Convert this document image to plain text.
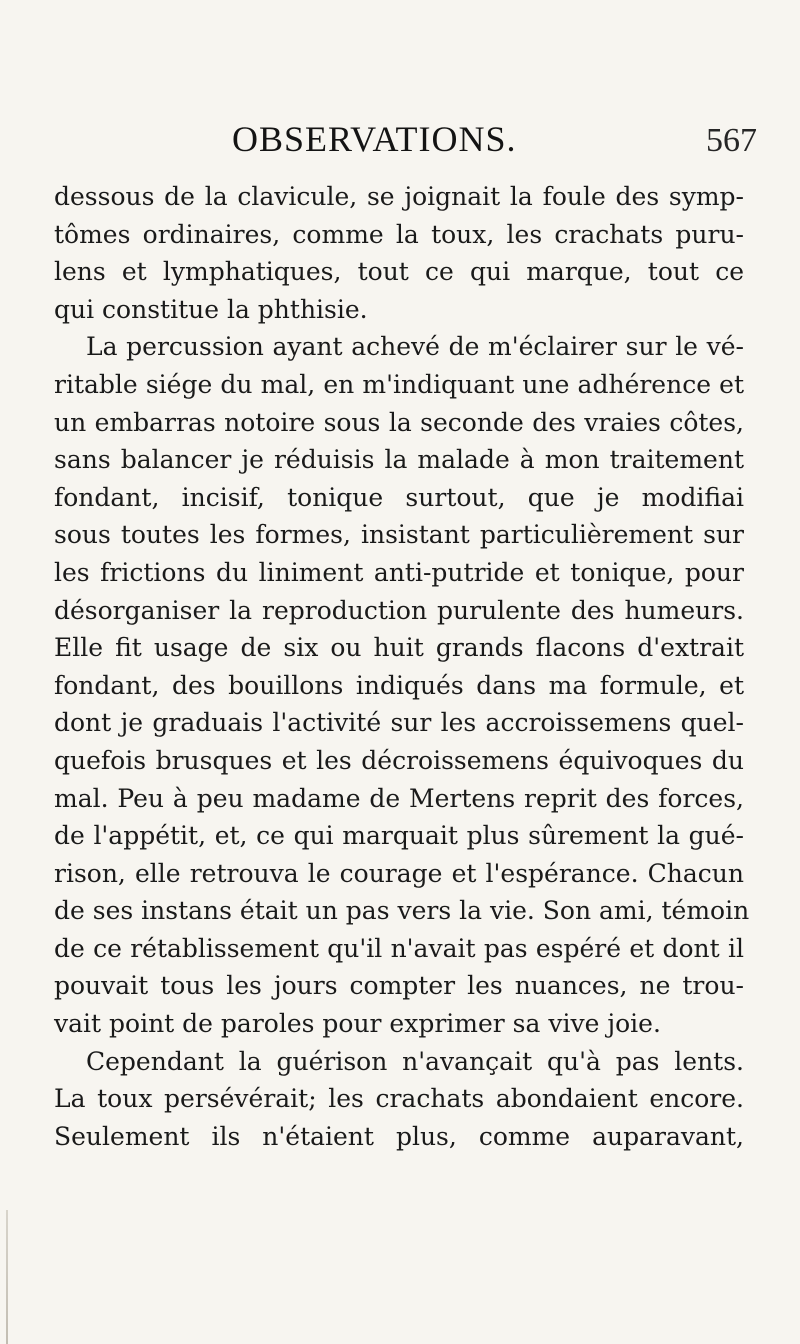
OBSERVATIONS.	567
dessous de la clavicule, se joignait la foule des symp-
tômes ordinaires, comme la toux, les crachats puru-
lens et lymphatiques, tout ce qui marque, tout ce
qui constitue la phthisie.
La percussion ayant achevé de m'éclairer sur le vé-
ritable siége du mal, en m'indiquant une adhérence et
un embarras notoire sous la seconde des vraies côtes,
sans balancer je réduisis la malade à mon traitement
fondant, incisif, tonique surtout, que je modifiai
sous toutes les formes, insistant particulièrement sur
les frictions du liniment anti-putride et tonique, pour
désorganiser la reproduction purulente des humeurs.
Elle fit usage de six ou huit grands flacons d'extrait
fondant, des bouillons indiqués dans ma formule, et
dont je graduais l'activité sur les accroissemens quel-
quefois brusques et les décroissemens équivoques du
mal. Peu à peu madame de Mertens reprit des forces,
de l'appétit, et, ce qui marquait plus sûrement la gué-
rison, elle retrouva le courage et l'espérance. Chacun
de ses instans était un pas vers la vie. Son ami, témoin
de ce rétablissement qu'il n'avait pas espéré et dont il
pouvait tous les jours compter les nuances, ne trou-
vait point de paroles pour exprimer sa vive joie.
Cependant la guérison n'avançait qu'à pas lents.
La toux persévérait; les crachats abondaient encore.
Seulement ils n'étaient plus, comme auparavant,
